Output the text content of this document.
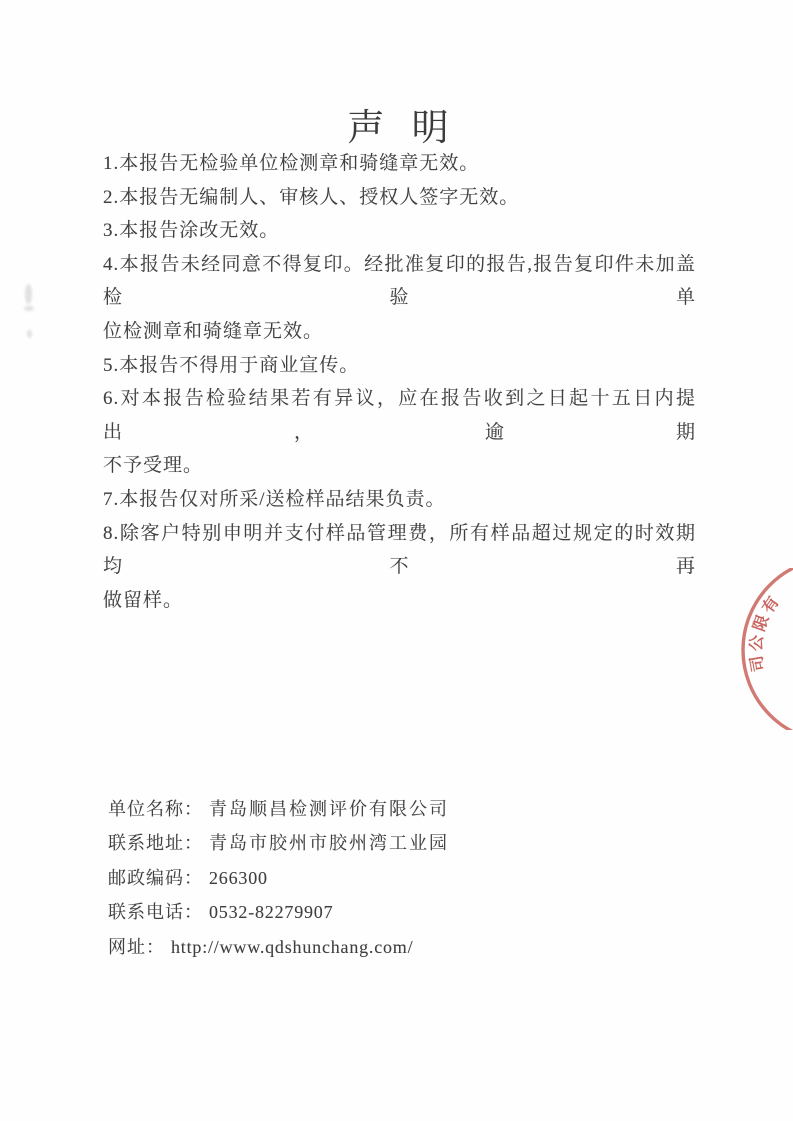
声 明
1.本报告无检验单位检测章和骑缝章无效。
2.本报告无编制人、审核人、授权人签字无效。
3.本报告涂改无效。
4.本报告未经同意不得复印。经批准复印的报告,报告复印件未加盖检验单
位检测章和骑缝章无效。
5.本报告不得用于商业宣传。
6.对本报告检验结果若有异议，应在报告收到之日起十五日内提出，逾期
不予受理。
7.本报告仅对所采/送检样品结果负责。
8.除客户特别申明并支付样品管理费，所有样品超过规定的时效期均不再
做留样。
单位名称： 青岛顺昌检测评价有限公司
联系地址： 青岛市胶州市胶州湾工业园
邮政编码： 266300
联系电话： 0532-82279907
网址： http://www.qdshunchang.com/
有
限
公
司
